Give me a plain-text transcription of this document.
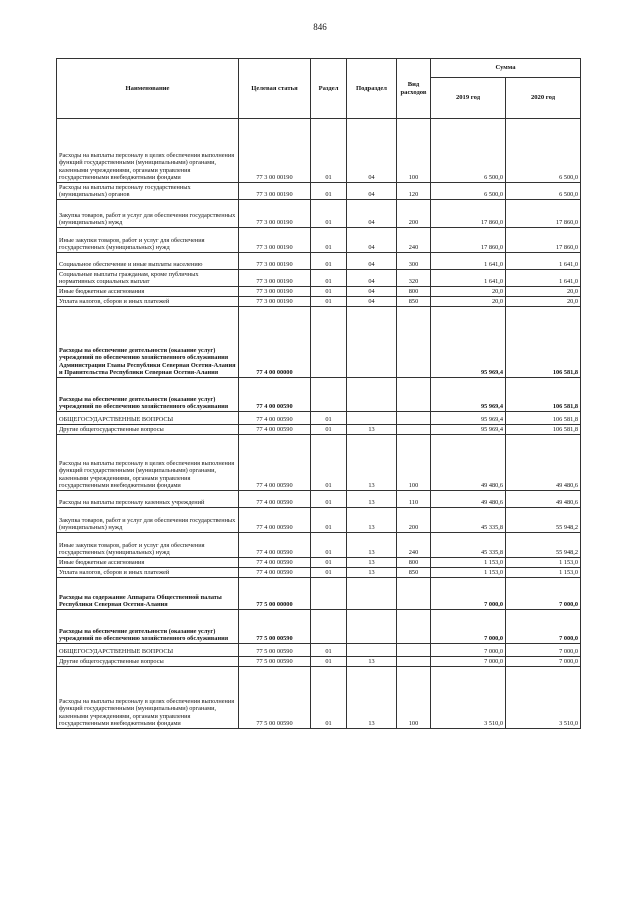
846
Наименование	Целевая статья	Раздел	Подраздел	Вид расходов	Сумма	
					2019 год	2020 год
Расходы на выплаты персоналу в целях обеспечения выполнения функций государственными (муниципальными) органами, казенными учреждениями, органами управления государственными внебюджетными фондами	77 3 00 00190	01	04	100	6 500,0	6 500,0
Расходы на выплаты персоналу государственных (муниципальных) органов	77 3 00 00190	01	04	120	6 500,0	6 500,0
Закупка товаров, работ и услуг для обеспечения государственных (муниципальных) нужд	77 3 00 00190	01	04	200	17 860,0	17 860,0
Иные закупки товаров, работ и услуг для обеспечения государственных (муниципальных) нужд	77 3 00 00190	01	04	240	17 860,0	17 860,0
Социальное обеспечение и иные выплаты населению	77 3 00 00190	01	04	300	1 641,0	1 641,0
Социальные выплаты гражданам, кроме публичных нормативных социальных выплат	77 3 00 00190	01	04	320	1 641,0	1 641,0
Иные бюджетные ассигнования	77 3 00 00190	01	04	800	20,0	20,0
Уплата налогов, сборов и иных платежей	77 3 00 00190	01	04	850	20,0	20,0
Расходы на обеспечение деятельности (оказание услуг) учреждений по обеспечению хозяйственного обслуживания Администрации Главы Республики Северная Осетия-Алания и Правительства Республики Северная Осетия-Алания	77 4 00 00000				95 969,4	106 581,8
Расходы на обеспечение деятельности (оказание услуг) учреждений по обеспечению хозяйственного обслуживания	77 4 00 00590				95 969,4	106 581,8
ОБЩЕГОСУДАРСТВЕННЫЕ ВОПРОСЫ	77 4 00 00590	01			95 969,4	106 581,8
Другие общегосударственные вопросы	77 4 00 00590	01	13		95 969,4	106 581,8
Расходы на выплаты персоналу в целях обеспечения выполнения функций государственными (муниципальными) органами, казенными учреждениями, органами управления государственными внебюджетными фондами	77 4 00 00590	01	13	100	49 480,6	49 480,6
Расходы на выплаты персоналу казенных учреждений	77 4 00 00590	01	13	110	49 480,6	49 480,6
Закупка товаров, работ и услуг для обеспечения государственных (муниципальных) нужд	77 4 00 00590	01	13	200	45 335,8	55 948,2
Иные закупки товаров, работ и услуг для обеспечения государственных (муниципальных) нужд	77 4 00 00590	01	13	240	45 335,8	55 948,2
Иные бюджетные ассигнования	77 4 00 00590	01	13	800	1 153,0	1 153,0
Уплата налогов, сборов и иных платежей	77 4 00 00590	01	13	850	1 153,0	1 153,0
Расходы на содержание Аппарата Общественной палаты Республики Северная Осетия-Алания	77 5 00 00000				7 000,0	7 000,0
Расходы на обеспечение деятельности (оказание услуг) учреждений по обеспечению хозяйственного обслуживания	77 5 00 00590				7 000,0	7 000,0
ОБЩЕГОСУДАРСТВЕННЫЕ ВОПРОСЫ	77 5 00 00590	01			7 000,0	7 000,0
Другие общегосударственные вопросы	77 5 00 00590	01	13		7 000,0	7 000,0
Расходы на выплаты персоналу в целях обеспечения выполнения функций государственными (муниципальными) органами, казенными учреждениями, органами управления государственными внебюджетными фондами	77 5 00 00590	01	13	100	3 510,0	3 510,0
